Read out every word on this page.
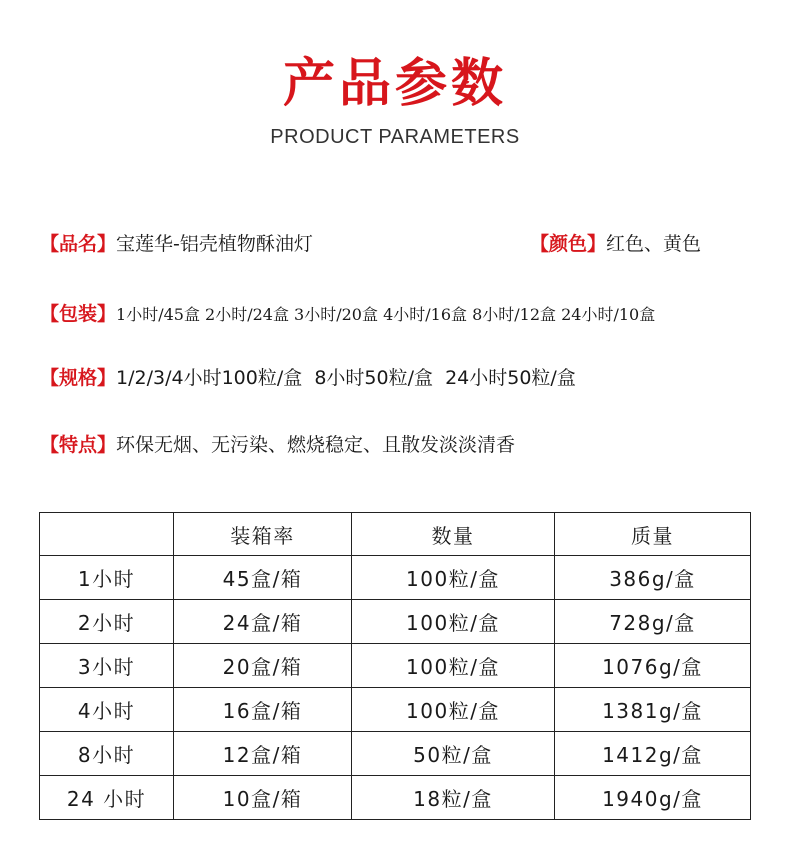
产品参数
PRODUCT PARAMETERS
【品名】宝莲华-铝壳植物酥油灯	【颜色】红色、黄色
【包装】1小时/45盒 2小时/24盒 3小时/20盒 4小时/16盒 8小时/12盒 24小时/10盒
【规格】1/2/3/4小时100粒/盒  8小时50粒/盒  24小时50粒/盒
【特点】环保无烟、无污染、燃烧稳定、且散发淡淡清香
	装箱率	数量	质量
1小时	45盒/箱	100粒/盒	386g/盒
2小时	24盒/箱	100粒/盒	728g/盒
3小时	20盒/箱	100粒/盒	1076g/盒
4小时	16盒/箱	100粒/盒	1381g/盒
8小时	12盒/箱	50粒/盒	1412g/盒
24 小时	10盒/箱	18粒/盒	1940g/盒
